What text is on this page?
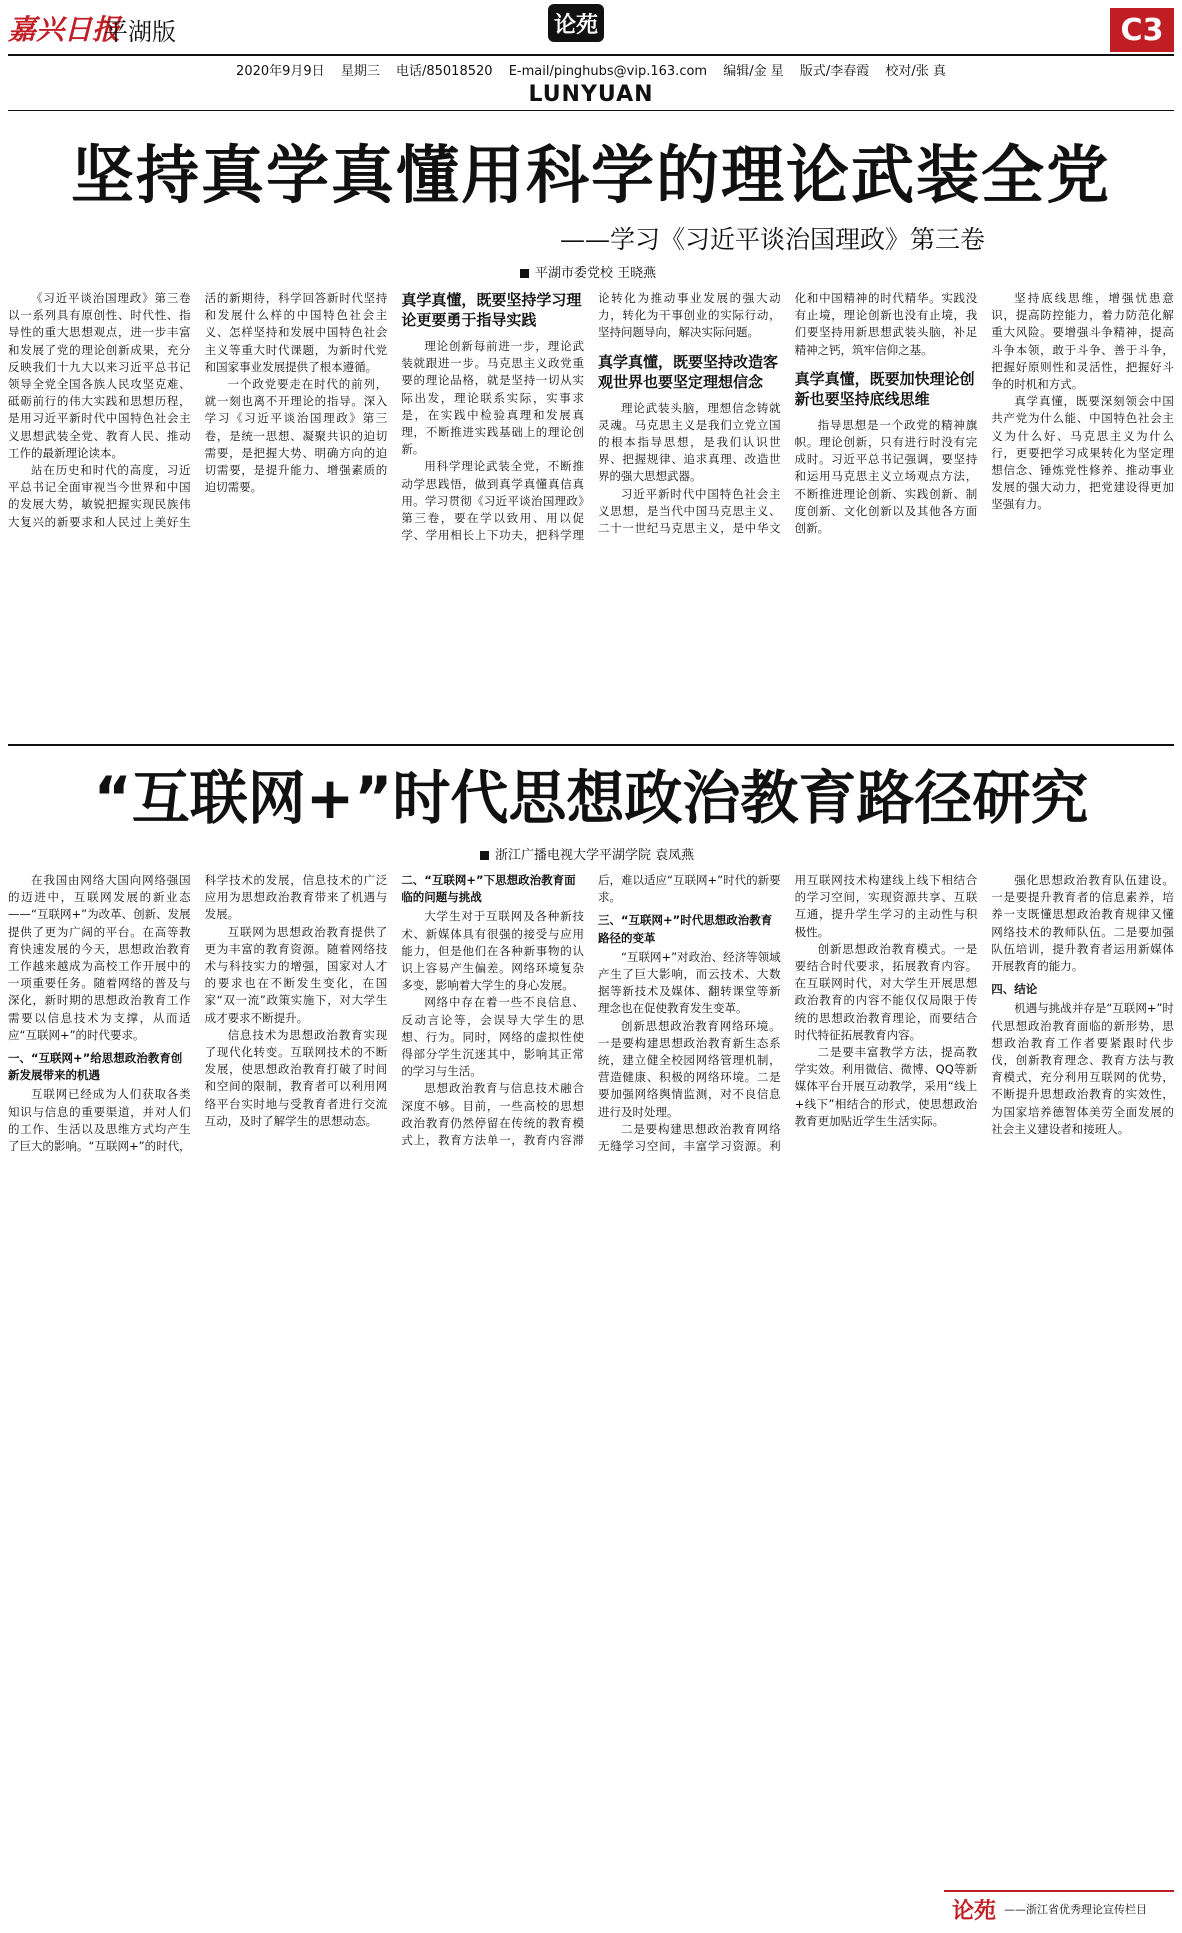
嘉兴日报
平湖版	论苑	C3
2020年9月9日 星期三 电话/85018520 E-mail/pinghubs@vip.163.com 编辑/金 星 版式/李春霞 校对/张 真
LUNYUAN
坚持真学真懂用科学的理论武装全党
——学习《习近平谈治国理政》第三卷
平湖市委党校 王晓燕

《习近平谈治国理政》第三卷以一系列具有原创性、时代性、指导性的重大思想观点，进一步丰富和发展了党的理论创新成果，充分反映我们十九大以来习近平总书记领导全党全国各族人民攻坚克难、砥砺前行的伟大实践和思想历程，是用习近平新时代中国特色社会主义思想武装全党、教育人民、推动工作的最新理论读本。

站在历史和时代的高度，习近平总书记全面审视当今世界和中国的发展大势，敏锐把握实现民族伟大复兴的新要求和人民过上美好生活的新期待，科学回答新时代坚持和发展什么样的中国特色社会主义、怎样坚持和发展中国特色社会主义等重大时代课题，为新时代党和国家事业发展提供了根本遵循。

一个政党要走在时代的前列，就一刻也离不开理论的指导。深入学习《习近平谈治国理政》第三卷，是统一思想、凝聚共识的迫切需要，是把握大势、明确方向的迫切需要，是提升能力、增强素质的迫切需要。

真学真懂，既要坚持学习理论更要勇于指导实践

理论创新每前进一步，理论武装就跟进一步。马克思主义政党重要的理论品格，就是坚持一切从实际出发，理论联系实际，实事求是，在实践中检验真理和发展真理，不断推进实践基础上的理论创新。

用科学理论武装全党，不断推动学思践悟，做到真学真懂真信真用。学习贯彻《习近平谈治国理政》第三卷，要在学以致用、用以促学、学用相长上下功夫，把科学理论转化为推动事业发展的强大动力，转化为干事创业的实际行动，坚持问题导向，解决实际问题。

真学真懂，既要坚持改造客观世界也要坚定理想信念

理论武装头脑，理想信念铸就灵魂。马克思主义是我们立党立国的根本指导思想，是我们认识世界、把握规律、追求真理、改造世界的强大思想武器。

习近平新时代中国特色社会主义思想，是当代中国马克思主义、二十一世纪马克思主义，是中华文化和中国精神的时代精华。实践没有止境，理论创新也没有止境，我们要坚持用新思想武装头脑，补足精神之钙，筑牢信仰之基。

真学真懂，既要加快理论创新也要坚持底线思维

指导思想是一个政党的精神旗帜。理论创新，只有进行时没有完成时。习近平总书记强调，要坚持和运用马克思主义立场观点方法，不断推进理论创新、实践创新、制度创新、文化创新以及其他各方面创新。

坚持底线思维，增强忧患意识，提高防控能力，着力防范化解重大风险。要增强斗争精神，提高斗争本领，敢于斗争、善于斗争，把握好原则性和灵活性，把握好斗争的时机和方式。

真学真懂，既要深刻领会中国共产党为什么能、中国特色社会主义为什么好、马克思主义为什么行，更要把学习成果转化为坚定理想信念、锤炼党性修养、推动事业发展的强大动力，把党建设得更加坚强有力。

“互联网+”时代思想政治教育路径研究
浙江广播电视大学平湖学院 袁凤燕

在我国由网络大国向网络强国的迈进中，互联网发展的新业态——“互联网+”为改革、创新、发展提供了更为广阔的平台。在高等教育快速发展的今天，思想政治教育工作越来越成为高校工作开展中的一项重要任务。随着网络的普及与深化，新时期的思想政治教育工作需要以信息技术为支撑，从而适应“互联网+”的时代要求。

一、“互联网+”给思想政治教育创新发展带来的机遇

互联网已经成为人们获取各类知识与信息的重要渠道，并对人们的工作、生活以及思维方式均产生了巨大的影响。“互联网+”的时代，科学技术的发展，信息技术的广泛应用为思想政治教育带来了机遇与发展。

互联网为思想政治教育提供了更为丰富的教育资源。随着网络技术与科技实力的增强，国家对人才的要求也在不断发生变化，在国家“双一流”政策实施下，对大学生成才要求不断提升。

信息技术为思想政治教育实现了现代化转变。互联网技术的不断发展，使思想政治教育打破了时间和空间的限制，教育者可以利用网络平台实时地与受教育者进行交流互动，及时了解学生的思想动态。

二、“互联网+”下思想政治教育面临的问题与挑战

大学生对于互联网及各种新技术、新媒体具有很强的接受与应用能力，但是他们在各种新事物的认识上容易产生偏差。网络环境复杂多变，影响着大学生的身心发展。

网络中存在着一些不良信息、反动言论等，会误导大学生的思想、行为。同时，网络的虚拟性使得部分学生沉迷其中，影响其正常的学习与生活。

思想政治教育与信息技术融合深度不够。目前，一些高校的思想政治教育仍然停留在传统的教育模式上，教育方法单一，教育内容滞后，难以适应“互联网+”时代的新要求。

三、“互联网+”时代思想政治教育路径的变革

“互联网+”对政治、经济等领域产生了巨大影响，而云技术、大数据等新技术及媒体、翻转课堂等新理念也在促使教育发生变革。

创新思想政治教育网络环境。一是要构建思想政治教育新生态系统，建立健全校园网络管理机制，营造健康、积极的网络环境。二是要加强网络舆情监测，对不良信息进行及时处理。

二是要构建思想政治教育网络无缝学习空间，丰富学习资源。利用互联网技术构建线上线下相结合的学习空间，实现资源共享、互联互通，提升学生学习的主动性与积极性。

创新思想政治教育模式。一是要结合时代要求，拓展教育内容。在互联网时代，对大学生开展思想政治教育的内容不能仅仅局限于传统的思想政治教育理论，而要结合时代特征拓展教育内容。

二是要丰富教学方法，提高教学实效。利用微信、微博、QQ等新媒体平台开展互动教学，采用“线上+线下”相结合的形式，使思想政治教育更加贴近学生生活实际。

强化思想政治教育队伍建设。一是要提升教育者的信息素养，培养一支既懂思想政治教育规律又懂网络技术的教师队伍。二是要加强队伍培训，提升教育者运用新媒体开展教育的能力。

四、结论

机遇与挑战并存是“互联网+”时代思想政治教育面临的新形势，思想政治教育工作者要紧跟时代步伐，创新教育理念、教育方法与教育模式，充分利用互联网的优势，不断提升思想政治教育的实效性，为国家培养德智体美劳全面发展的社会主义建设者和接班人。

论苑 ——浙江省优秀理论宣传栏目
